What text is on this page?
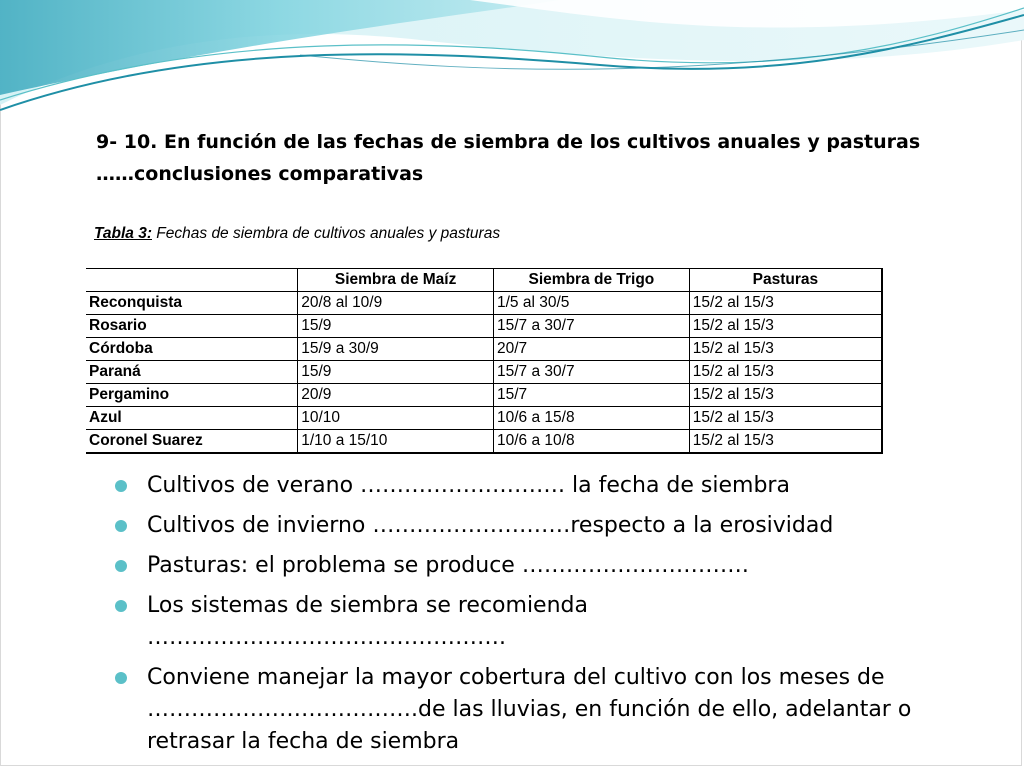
9- 10. En función de las fechas de siembra de los cultivos anuales y pasturas
……conclusiones comparativas
Tabla 3: Fechas de siembra de cultivos anuales y pasturas
	Siembra de Maíz	Siembra de Trigo	Pasturas
Reconquista	20/8 al 10/9	1/5 al 30/5	15/2 al 15/3
Rosario	15/9	15/7 a 30/7	15/2 al 15/3
Córdoba	15/9 a 30/9	20/7	15/2 al 15/3
Paraná	15/9	15/7 a 30/7	15/2 al 15/3
Pergamino	20/9	15/7	15/2 al 15/3
Azul	10/10	10/6 a 15/8	15/2 al 15/3
Coronel Suarez	1/10 a 15/10	10/6 a 10/8	15/2 al 15/3
Cultivos de verano ………………………. la fecha de siembra
Cultivos de invierno ………………………respecto a la erosividad
Pasturas: el problema se produce ………………………….
Los sistemas de siembra se recomienda ………………………………………….
Conviene manejar la mayor cobertura del cultivo con los meses de ……………………………….de las lluvias, en función de ello, adelantar o retrasar la fecha de siembra
